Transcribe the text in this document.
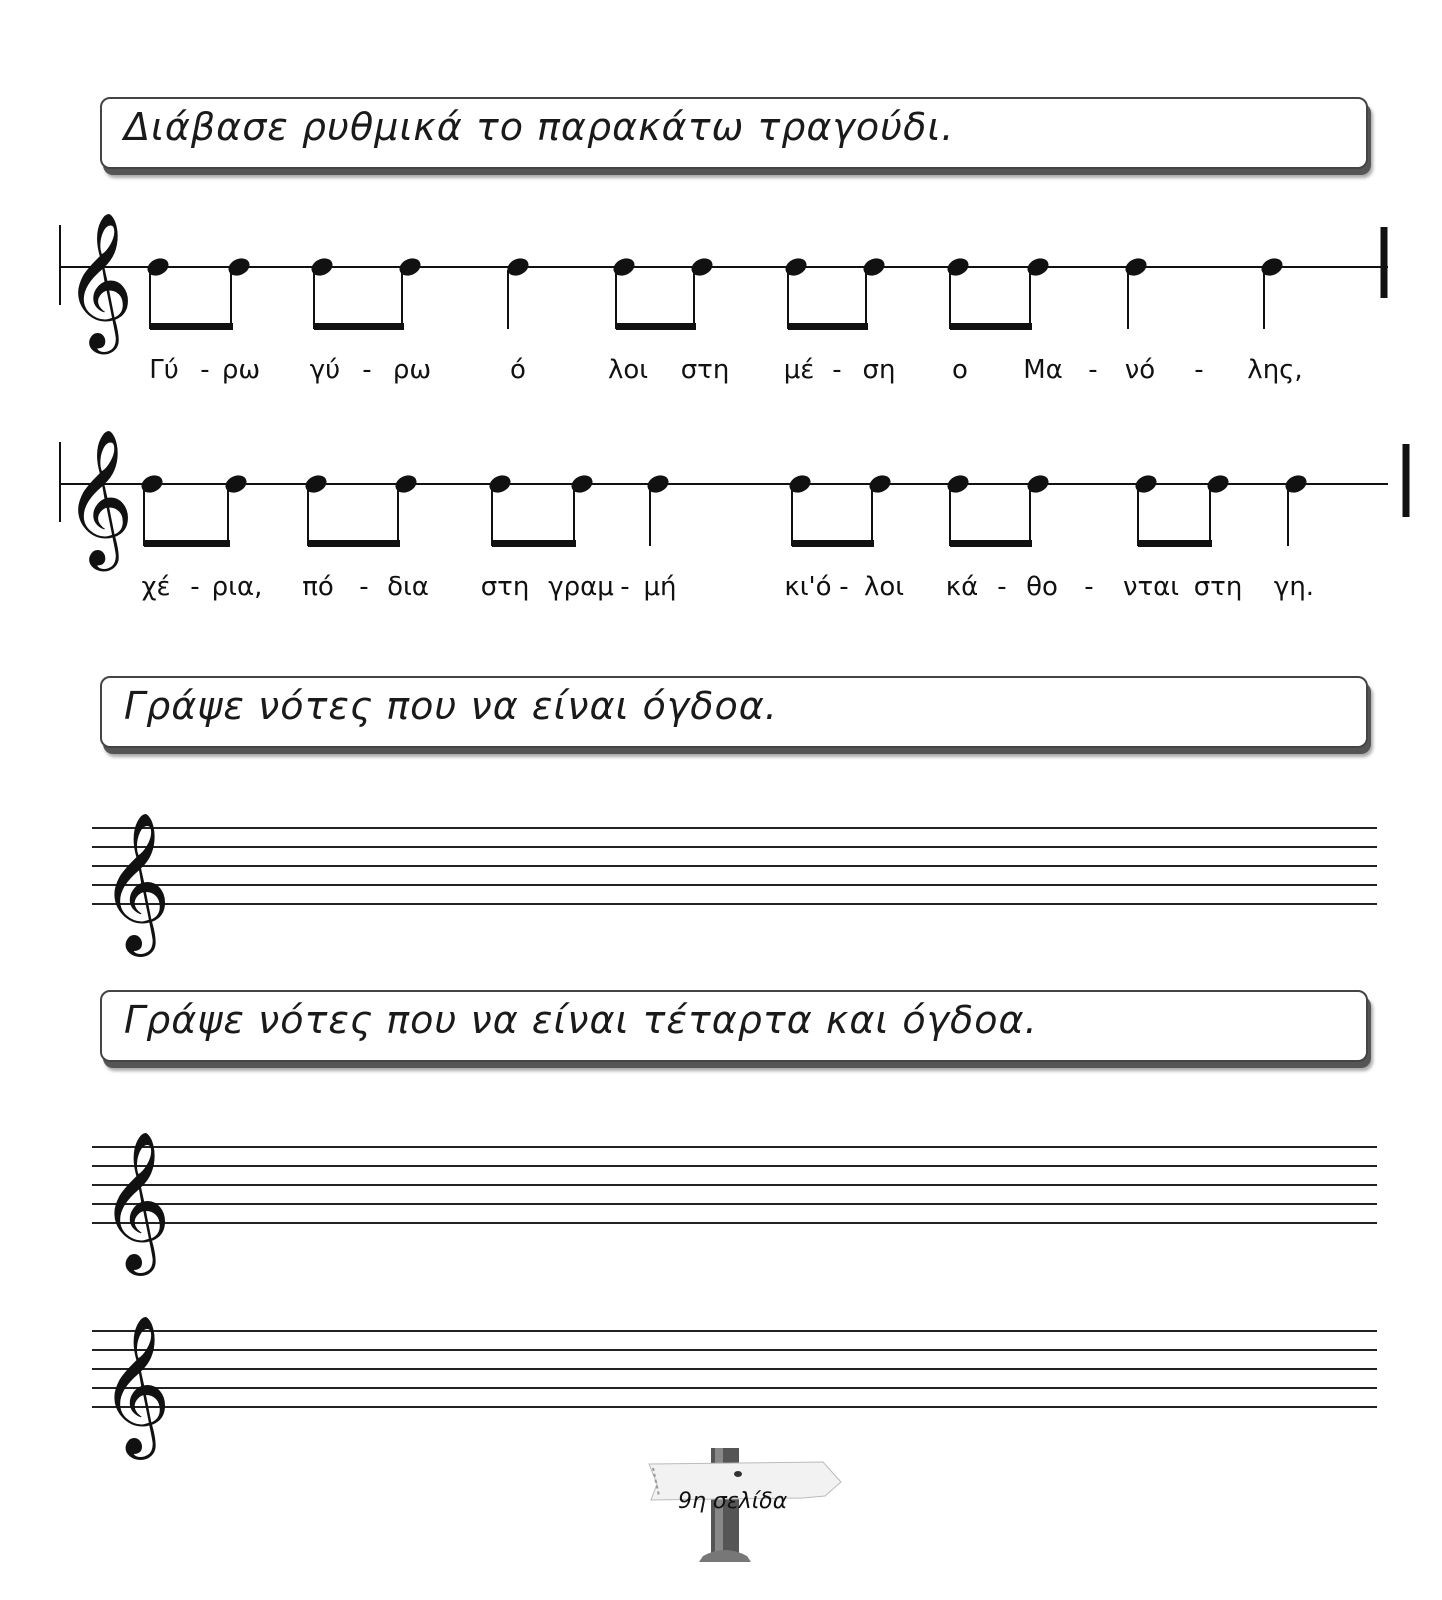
Διάβασε ρυθμικά το παρακάτω τραγούδι.
𝄞
Γύ - ρω γύ - ρω	ό	λοι στη μέ - ση ο Μα - νό - λης,
𝄞
χέ - ρια, πό - δια στη γραμ - μή	κι'ό - λοι κά - θο - νται στη γη.
Γράψε νότες που να είναι όγδοα.
𝄞
Γράψε νότες που να είναι τέταρτα και όγδοα.
𝄞
𝄞
9η σελίδα
